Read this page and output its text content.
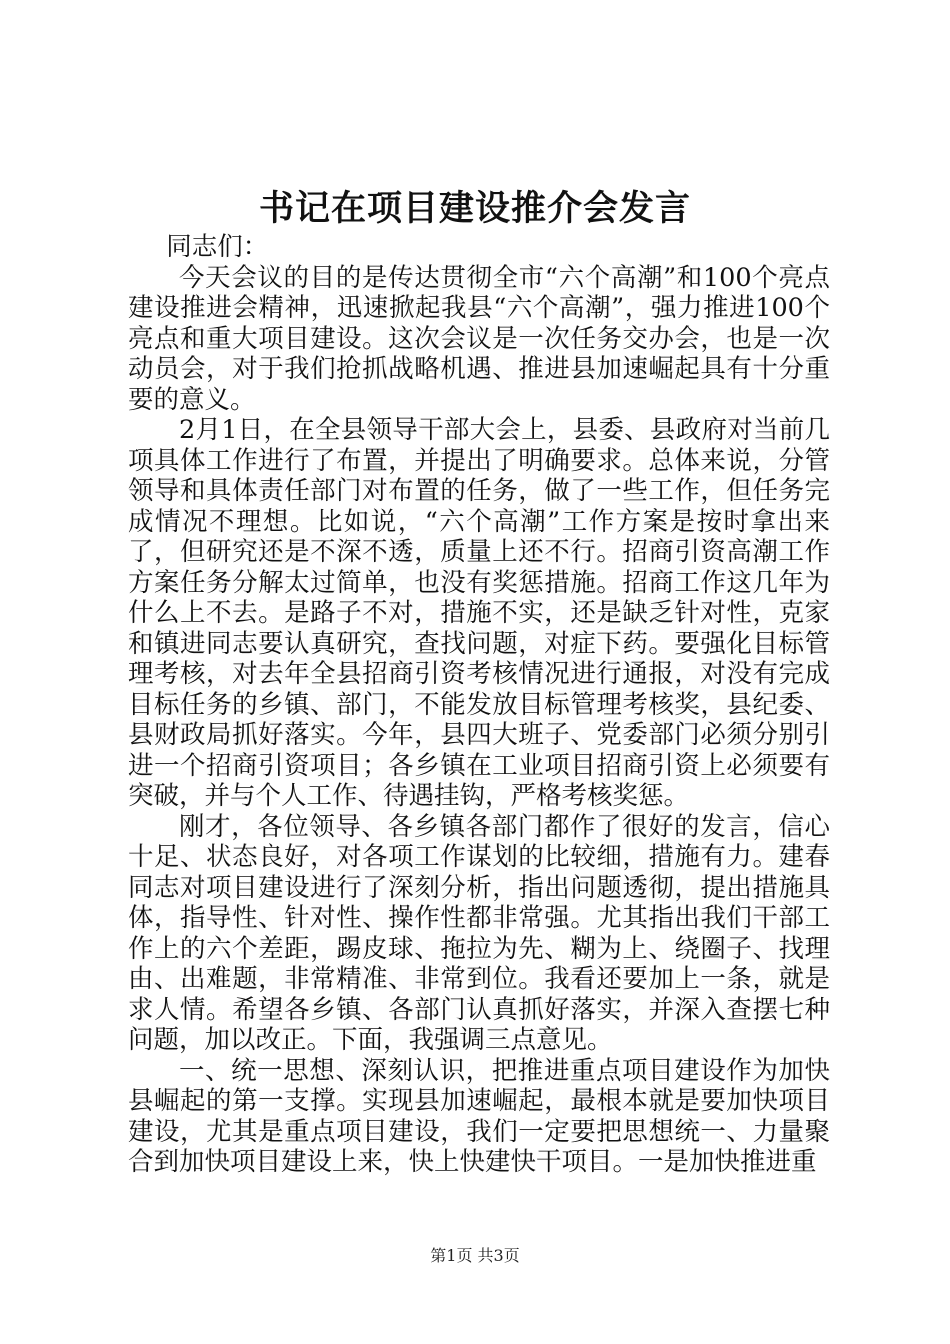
书记在项目建设推介会发言

同志们：

今天会议的目的是传达贯彻全市“六个高潮”和100个亮点建设推进会精神，迅速掀起我县“六个高潮”，强力推进100个亮点和重大项目建设。这次会议是一次任务交办会，也是一次动员会，对于我们抢抓战略机遇、推进县加速崛起具有十分重要的意义。

2月1日，在全县领导干部大会上，县委、县政府对当前几项具体工作进行了布置，并提出了明确要求。总体来说，分管领导和具体责任部门对布置的任务，做了一些工作，但任务完成情况不理想。比如说，“六个高潮”工作方案是按时拿出来了，但研究还是不深不透，质量上还不行。招商引资高潮工作方案任务分解太过简单，也没有奖惩措施。招商工作这几年为什么上不去。是路子不对，措施不实，还是缺乏针对性，克家和镇进同志要认真研究，查找问题，对症下药。要强化目标管理考核，对去年全县招商引资考核情况进行通报，对没有完成目标任务的乡镇、部门，不能发放目标管理考核奖，县纪委、县财政局抓好落实。今年，县四大班子、党委部门必须分别引进一个招商引资项目；各乡镇在工业项目招商引资上必须要有突破，并与个人工作、待遇挂钩，严格考核奖惩。

刚才，各位领导、各乡镇各部门都作了很好的发言，信心十足、状态良好，对各项工作谋划的比较细，措施有力。建春同志对项目建设进行了深刻分析，指出问题透彻，提出措施具体，指导性、针对性、操作性都非常强。尤其指出我们干部工作上的六个差距，踢皮球、拖拉为先、糊为上、绕圈子、找理由、出难题，非常精准、非常到位。我看还要加上一条，就是求人情。希望各乡镇、各部门认真抓好落实，并深入查摆七种问题，加以改正。下面，我强调三点意见。

一、统一思想、深刻认识，把推进重点项目建设作为加快县崛起的第一支撑。实现县加速崛起，最根本就是要加快项目建设，尤其是重点项目建设，我们一定要把思想统一、力量聚合到加快项目建设上来，快上快建快干项目。一是加快推进重

第1页 共3页
